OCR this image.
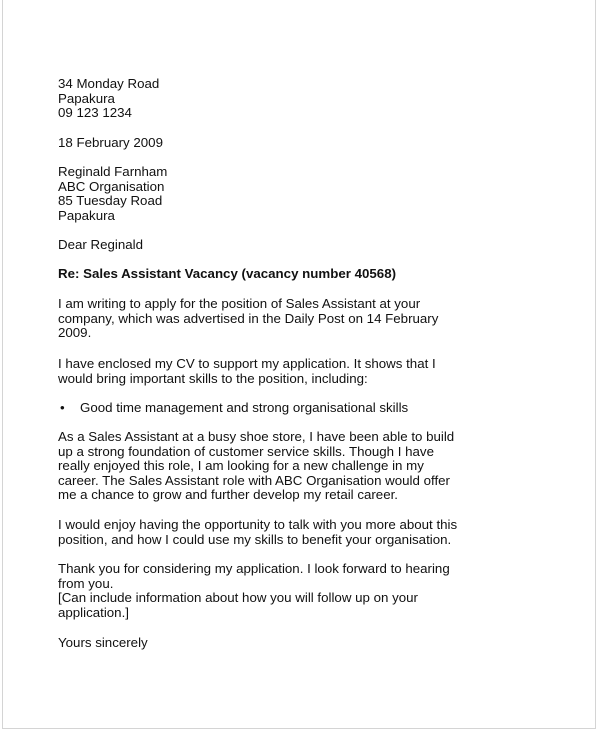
34 Monday Road
Papakura
09 123 1234
18 February 2009
Reginald Farnham
ABC Organisation
85 Tuesday Road
Papakura
Dear Reginald
Re: Sales Assistant Vacancy (vacancy number 40568)
I am writing to apply for the position of Sales Assistant at your
company, which was advertised in the Daily Post on 14 February
2009.
I have enclosed my CV to support my application. It shows that I
would bring important skills to the position, including:
• Good time management and strong organisational skills
As a Sales Assistant at a busy shoe store, I have been able to build
up a strong foundation of customer service skills. Though I have
really enjoyed this role, I am looking for a new challenge in my
career. The Sales Assistant role with ABC Organisation would offer
me a chance to grow and further develop my retail career.
I would enjoy having the opportunity to talk with you more about this
position, and how I could use my skills to benefit your organisation.
Thank you for considering my application. I look forward to hearing
from you.
[Can include information about how you will follow up on your
application.]
Yours sincerely
